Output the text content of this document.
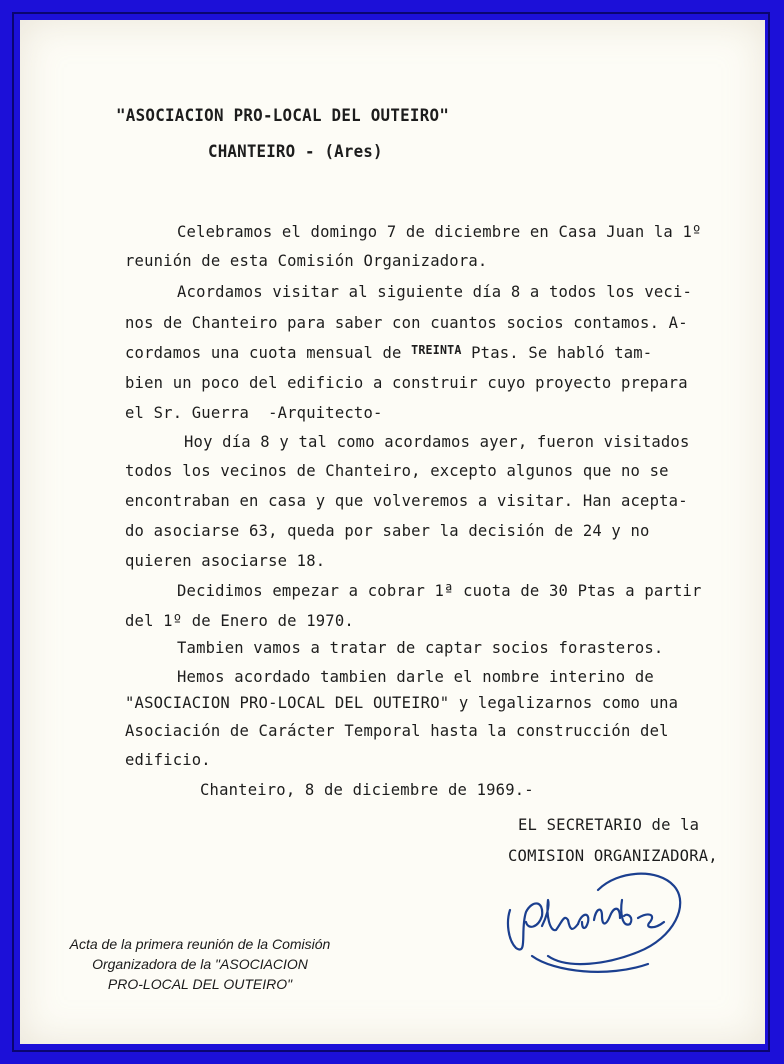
"ASOCIACION PRO-LOCAL DEL OUTEIRO"
CHANTEIRO - (Ares)
Celebramos el domingo 7 de diciembre en Casa Juan la 1º
reunión de esta Comisión Organizadora.
Acordamos visitar al siguiente día 8 a todos los veci-
nos de Chanteiro para saber con cuantos socios contamos. A-
cordamos una cuota mensual de $^{TREINTA}$ Ptas. Se habló tam-
bien un poco del edificio a construir cuyo proyecto prepara
el Sr. Guerra  -Arquitecto-
Hoy día 8 y tal como acordamos ayer, fueron visitados
todos los vecinos de Chanteiro, excepto algunos que no se
encontraban en casa y que volveremos a visitar. Han acepta-
do asociarse 63, queda por saber la decisión de 24 y no
quieren asociarse 18.
Decidimos empezar a cobrar 1ª cuota de 30 Ptas a partir
del 1º de Enero de 1970.
Tambien vamos a tratar de captar socios forasteros.
Hemos acordado tambien darle el nombre interino de
"ASOCIACION PRO-LOCAL DEL OUTEIRO" y legalizarnos como una
Asociación de Carácter Temporal hasta la construcción del
edificio.
Chanteiro, 8 de diciembre de 1969.-
EL SECRETARIO de la
COMISION ORGANIZADORA,
Acta de la primera reunión de la Comisión
Organizadora de la "ASOCIACION
PRO-LOCAL DEL OUTEIRO"
